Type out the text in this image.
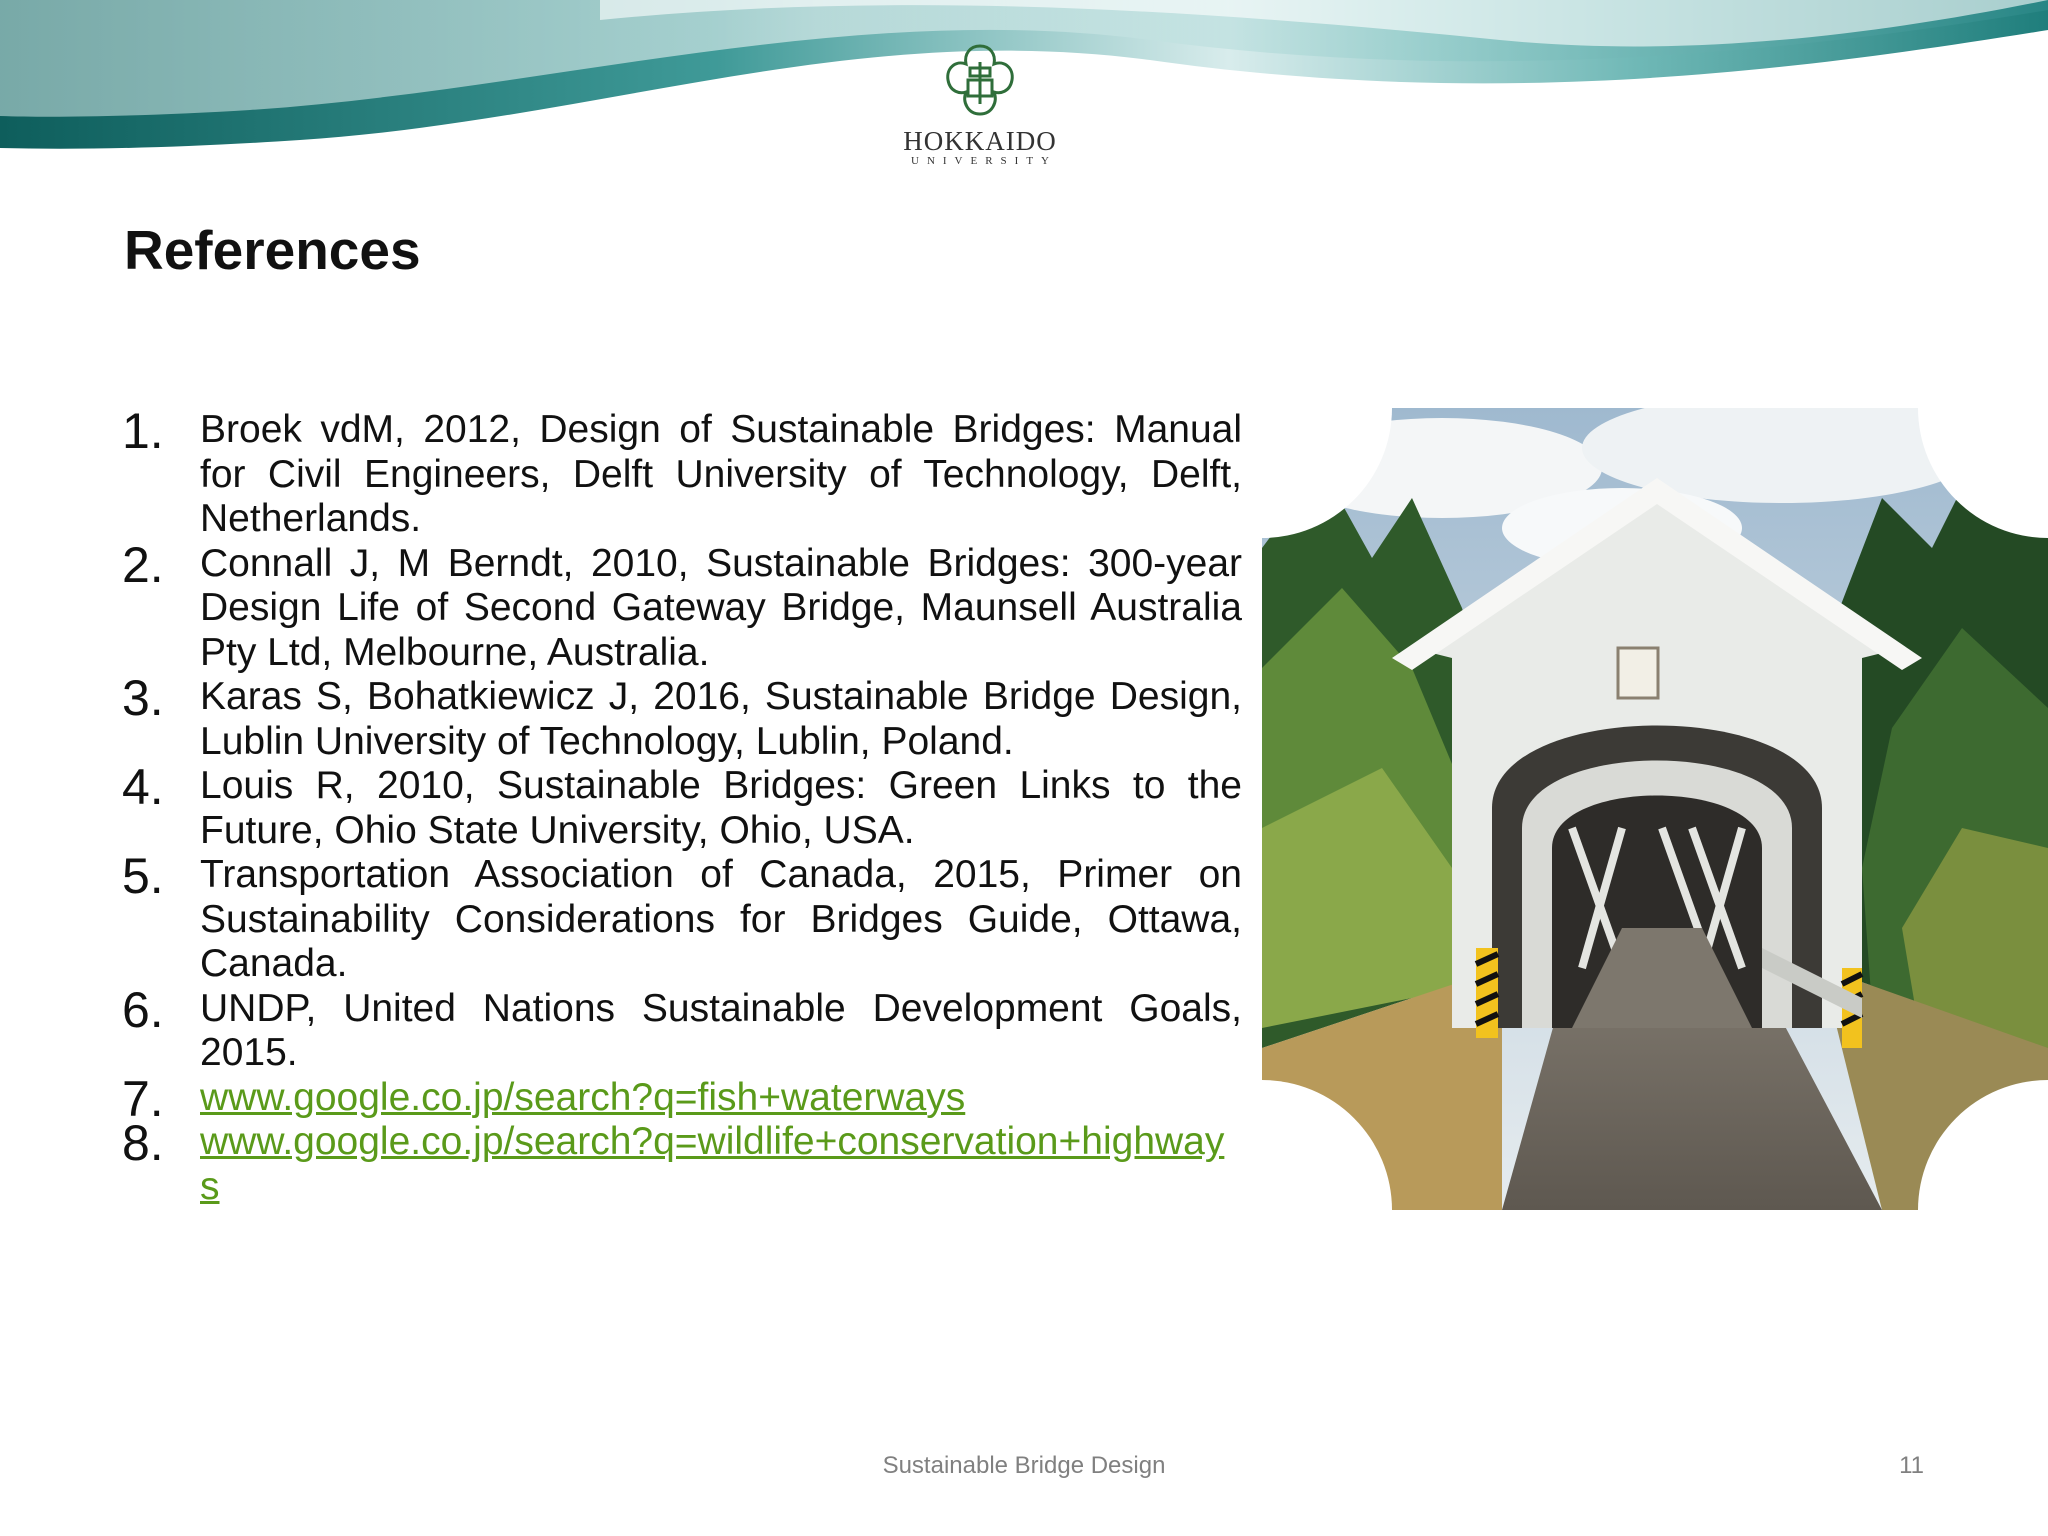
HOKKAIDO
UNIVERSITY
References
1. Broek vdM, 2012, Design of Sustainable Bridges: Manual for Civil Engineers, Delft University of Technology, Delft, Netherlands.
2. Connall J, M Berndt, 2010, Sustainable Bridges: 300-year Design Life of Second Gateway Bridge, Maunsell Australia Pty Ltd, Melbourne, Australia.
3. Karas S, Bohatkiewicz J, 2016, Sustainable Bridge Design, Lublin University of Technology, Lublin, Poland.
4. Louis R, 2010, Sustainable Bridges: Green Links to the Future, Ohio State University, Ohio, USA.
5. Transportation Association of Canada, 2015, Primer on Sustainability Considerations for Bridges Guide, Ottawa, Canada.
6. UNDP, United Nations Sustainable Development Goals, 2015.
7. www.google.co.jp/search?q=fish+waterways
8. www.google.co.jp/search?q=wildlife+conservation+highways
Sustainable Bridge Design	11
